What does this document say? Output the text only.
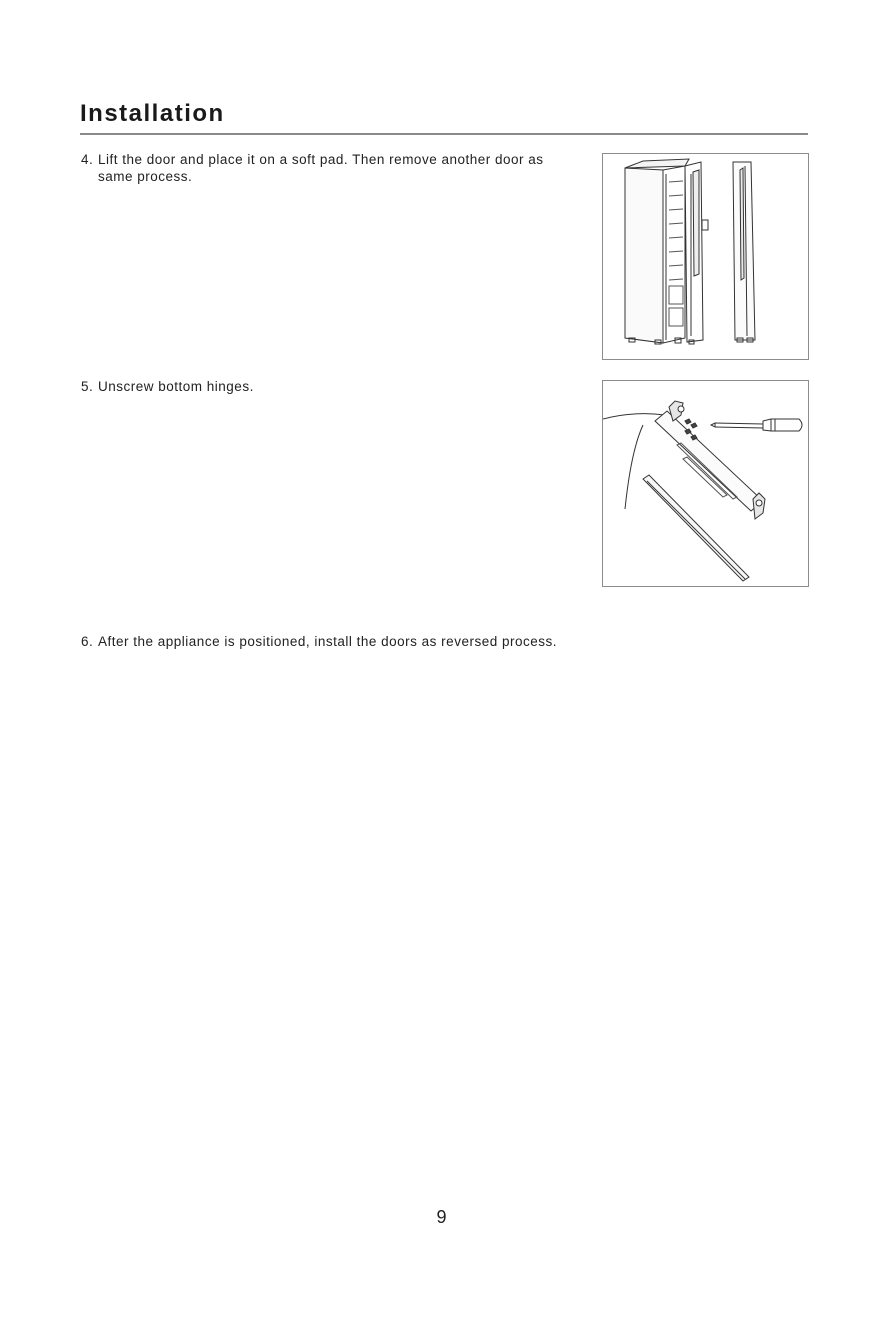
Installation
4. Lift the door and place it on a soft pad. Then remove another door as
same process.
5. Unscrew bottom hinges.
6. After the appliance is positioned, install the doors as reversed process.
9
